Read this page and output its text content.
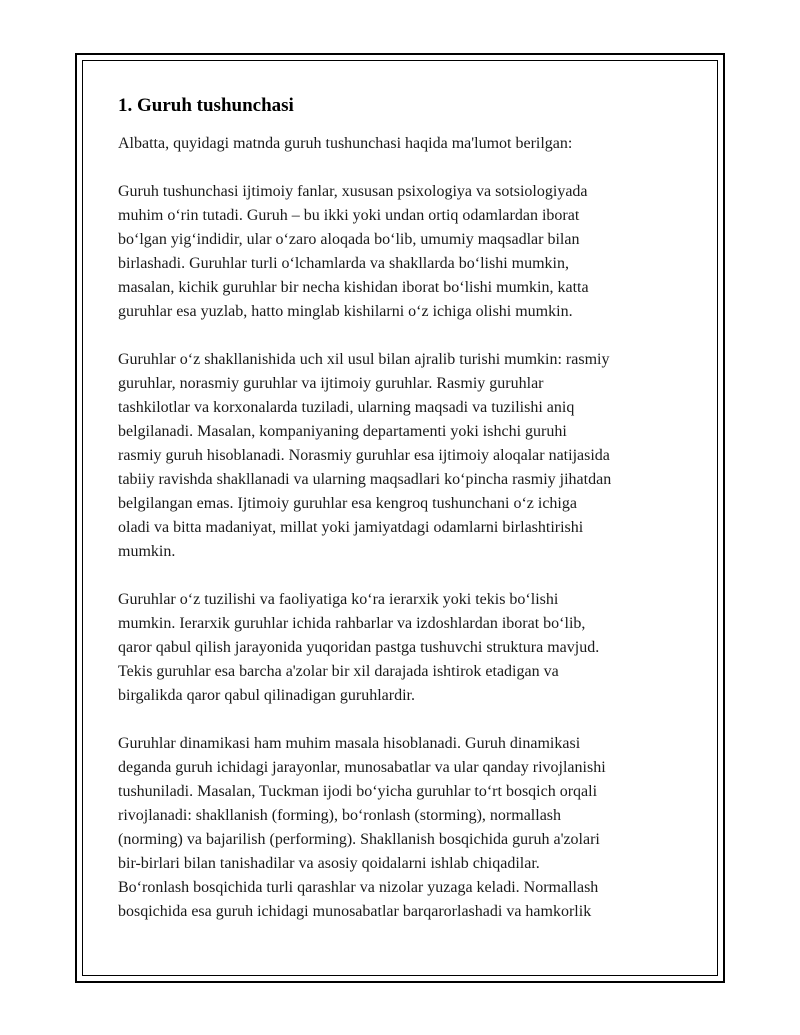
1. Guruh tushunchasi

Albatta, quyidagi matnda guruh tushunchasi haqida ma'lumot berilgan:

Guruh tushunchasi ijtimoiy fanlar, xususan psixologiya va sotsiologiyada
muhim o‘rin tutadi. Guruh – bu ikki yoki undan ortiq odamlardan iborat
bo‘lgan yig‘indidir, ular o‘zaro aloqada bo‘lib, umumiy maqsadlar bilan
birlashadi. Guruhlar turli o‘lchamlarda va shakllarda bo‘lishi mumkin,
masalan, kichik guruhlar bir necha kishidan iborat bo‘lishi mumkin, katta
guruhlar esa yuzlab, hatto minglab kishilarni o‘z ichiga olishi mumkin.

Guruhlar o‘z shakllanishida uch xil usul bilan ajralib turishi mumkin: rasmiy
guruhlar, norasmiy guruhlar va ijtimoiy guruhlar. Rasmiy guruhlar
tashkilotlar va korxonalarda tuziladi, ularning maqsadi va tuzilishi aniq
belgilanadi. Masalan, kompaniyaning departamenti yoki ishchi guruhi
rasmiy guruh hisoblanadi. Norasmiy guruhlar esa ijtimoiy aloqalar natijasida
tabiiy ravishda shakllanadi va ularning maqsadlari ko‘pincha rasmiy jihatdan
belgilangan emas. Ijtimoiy guruhlar esa kengroq tushunchani o‘z ichiga
oladi va bitta madaniyat, millat yoki jamiyatdagi odamlarni birlashtirishi
mumkin.

Guruhlar o‘z tuzilishi va faoliyatiga ko‘ra ierarxik yoki tekis bo‘lishi
mumkin. Ierarxik guruhlar ichida rahbarlar va izdoshlardan iborat bo‘lib,
qaror qabul qilish jarayonida yuqoridan pastga tushuvchi struktura mavjud.
Tekis guruhlar esa barcha a'zolar bir xil darajada ishtirok etadigan va
birgalikda qaror qabul qilinadigan guruhlardir.

Guruhlar dinamikasi ham muhim masala hisoblanadi. Guruh dinamikasi
deganda guruh ichidagi jarayonlar, munosabatlar va ular qanday rivojlanishi
tushuniladi. Masalan, Tuckman ijodi bo‘yicha guruhlar to‘rt bosqich orqali
rivojlanadi: shakllanish (forming), bo‘ronlash (storming), normallash
(norming) va bajarilish (performing). Shakllanish bosqichida guruh a'zolari
bir-birlari bilan tanishadilar va asosiy qoidalarni ishlab chiqadilar.
Bo‘ronlash bosqichida turli qarashlar va nizolar yuzaga keladi. Normallash
bosqichida esa guruh ichidagi munosabatlar barqarorlashadi va hamkorlik
